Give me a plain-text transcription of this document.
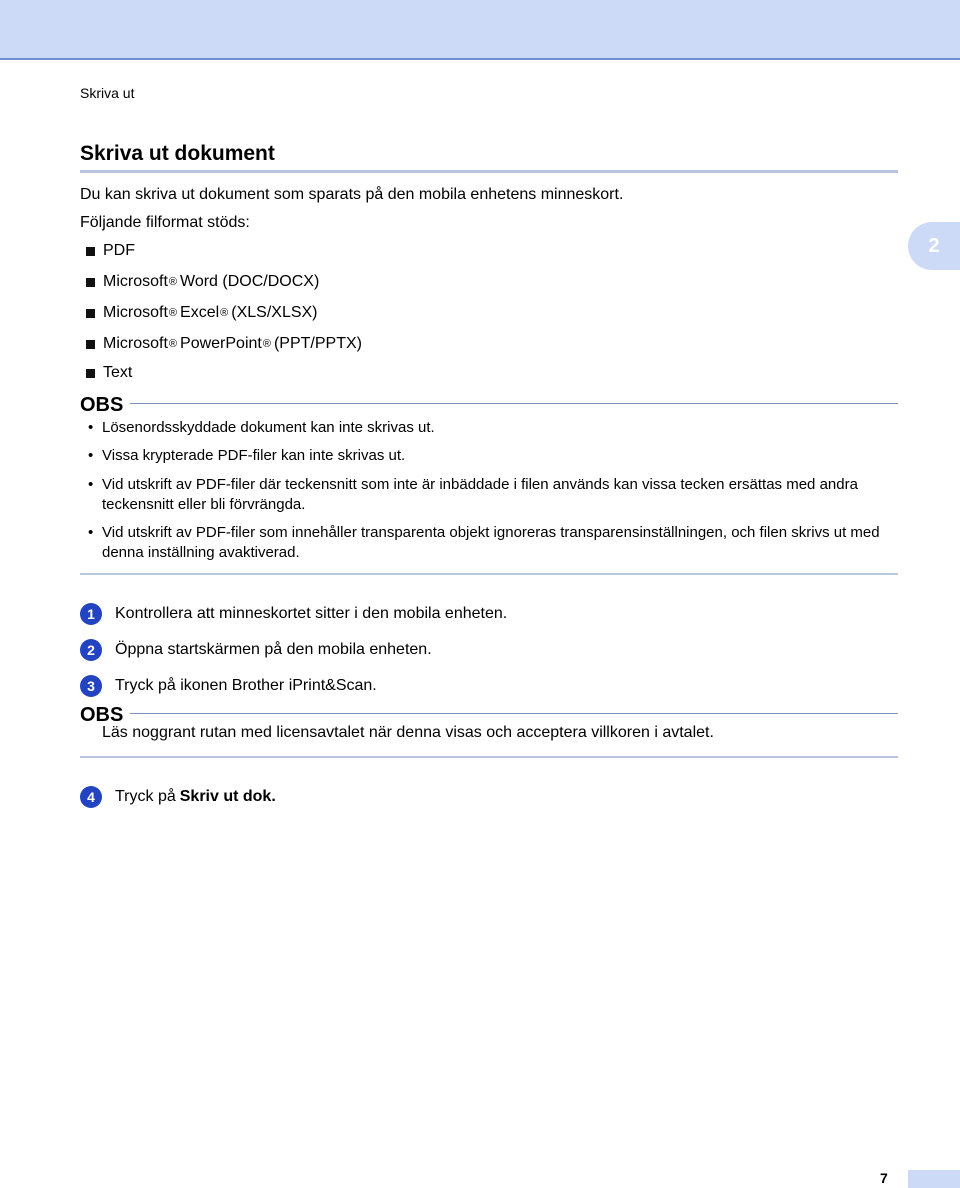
Skriva ut
Skriva ut dokument
2
Du kan skriva ut dokument som sparats på den mobila enhetens minneskort.
Följande filformat stöds:
PDF
Microsoft ® Word
(DOC/DOCX)
Microsoft ® Excel ® (XLS/XLSX)
Microsoft ® PowerPoint ® (PPT/PPTX)
Text
OBS
• Lösenordsskyddade dokument kan inte skrivas ut.
• Vissa krypterade PDF-filer kan inte skrivas ut.
• Vid utskrift av PDF-filer där teckensnitt som inte är inbäddade i filen används kan vissa tecken ersättas med andra teckensnitt eller bli förvrängda.
• Vid utskrift av PDF-filer som innehåller transparenta objekt ignoreras transparensinställningen, och filen skrivs ut med denna inställning avaktiverad.
1	Kontrollera att minneskortet sitter i den mobila enheten.
2	Öppna startskärmen på den mobila enheten.
3	Tryck på ikonen Brother iPrint&Scan.
OBS
Läs noggrant rutan med licensavtalet när denna visas och acceptera villkoren i avtalet.
4	Tryck på Skriv ut dok.
7
